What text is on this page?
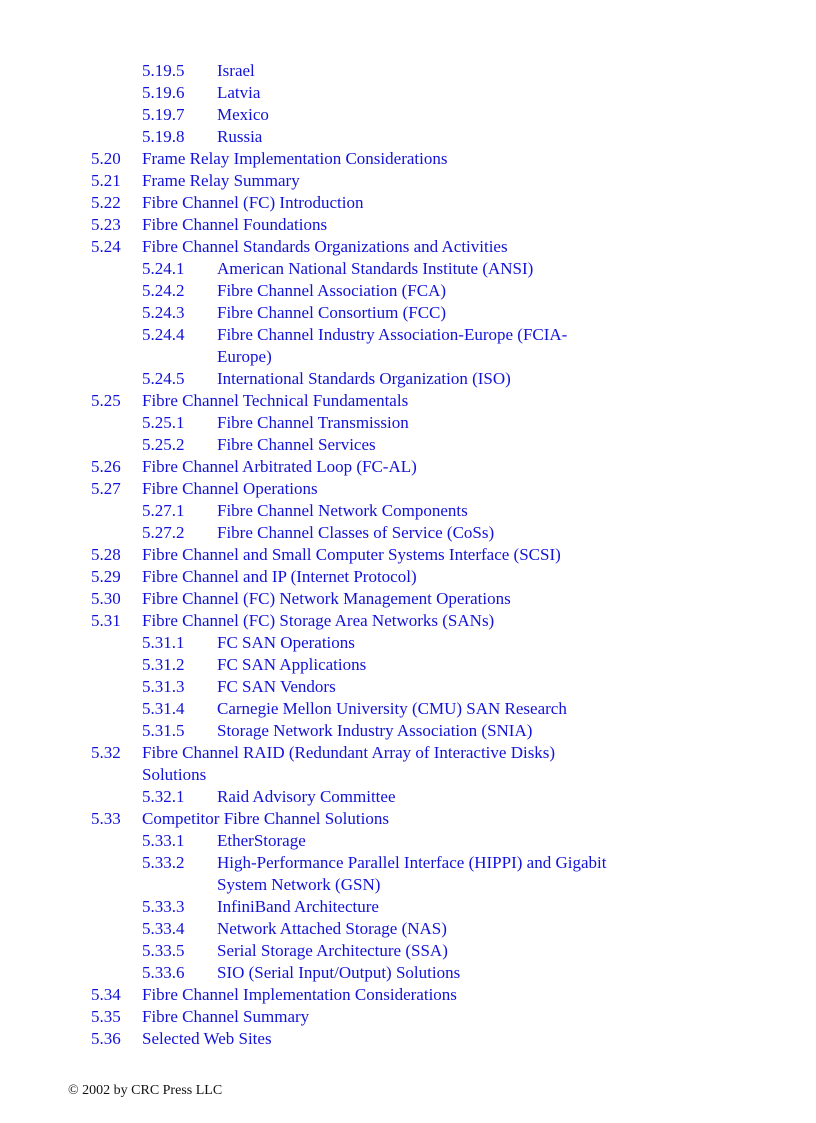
5.19.5 Israel
5.19.6 Latvia
5.19.7 Mexico
5.19.8 Russia
5.20 Frame Relay Implementation Considerations
5.21 Frame Relay Summary
5.22 Fibre Channel (FC) Introduction
5.23 Fibre Channel Foundations
5.24 Fibre Channel Standards Organizations and Activities
5.24.1 American National Standards Institute (ANSI)
5.24.2 Fibre Channel Association (FCA)
5.24.3 Fibre Channel Consortium (FCC)
5.24.4 Fibre Channel Industry Association-Europe (FCIA-Europe)
5.24.5 International Standards Organization (ISO)
5.25 Fibre Channel Technical Fundamentals
5.25.1 Fibre Channel Transmission
5.25.2 Fibre Channel Services
5.26 Fibre Channel Arbitrated Loop (FC-AL)
5.27 Fibre Channel Operations
5.27.1 Fibre Channel Network Components
5.27.2 Fibre Channel Classes of Service (CoSs)
5.28 Fibre Channel and Small Computer Systems Interface (SCSI)
5.29 Fibre Channel and IP (Internet Protocol)
5.30 Fibre Channel (FC) Network Management Operations
5.31 Fibre Channel (FC) Storage Area Networks (SANs)
5.31.1 FC SAN Operations
5.31.2 FC SAN Applications
5.31.3 FC SAN Vendors
5.31.4 Carnegie Mellon University (CMU) SAN Research
5.31.5 Storage Network Industry Association (SNIA)
5.32 Fibre Channel RAID (Redundant Array of Interactive Disks) Solutions
5.32.1 Raid Advisory Committee
5.33 Competitor Fibre Channel Solutions
5.33.1 EtherStorage
5.33.2 High-Performance Parallel Interface (HIPPI) and Gigabit System Network (GSN)
5.33.3 InfiniBand Architecture
5.33.4 Network Attached Storage (NAS)
5.33.5 Serial Storage Architecture (SSA)
5.33.6 SIO (Serial Input/Output) Solutions
5.34 Fibre Channel Implementation Considerations
5.35 Fibre Channel Summary
5.36 Selected Web Sites
© 2002 by CRC Press LLC
